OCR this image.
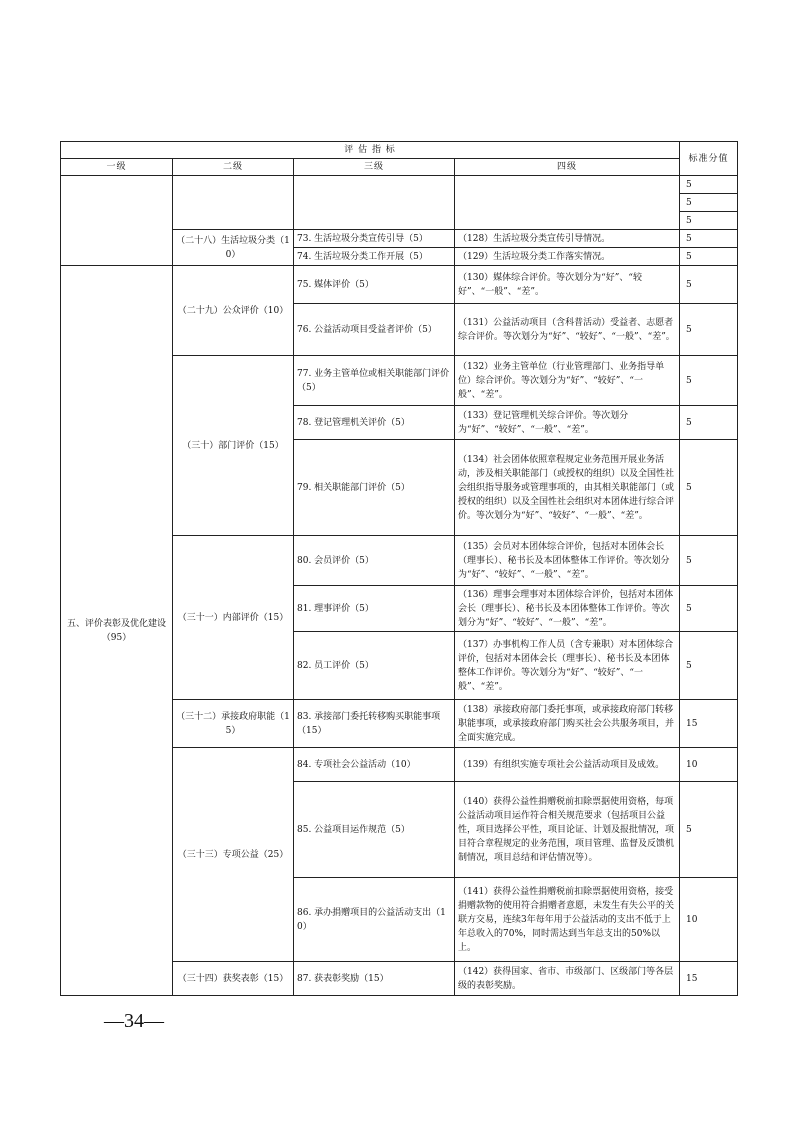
评 估 指 标				标准分值
一级	二级	三级	四级	
				5
				5
				5
	（二十八）生活垃圾分类（10）	73. 生活垃圾分类宣传引导（5）	（128）生活垃圾分类宣传引导情况。	5
		74. 生活垃圾分类工作开展（5）	（129）生活垃圾分类工作落实情况。	5
五、评价表彰及优化建设（95）	（二十九）公众评价（10）	75. 媒体评价（5）	（130）媒体综合评价。等次划分为“好”、“较好”、“一般”、“差”。	5
		76. 公益活动项目受益者评价（5）	（131）公益活动项目（含科普活动）受益者、志愿者综合评价。等次划分为“好”、“较好”、“一般”、“差”。	5
	（三十）部门评价（15）	77. 业务主管单位或相关职能部门评价（5）	（132）业务主管单位（行业管理部门、业务指导单位）综合评价。等次划分为“好”、“较好”、“一般”、“差”。	5
		78. 登记管理机关评价（5）	（133）登记管理机关综合评价。等次划分为“好”、“较好”、“一般”、“差”。	5
		79. 相关职能部门评价（5）	（134）社会团体依照章程规定业务范围开展业务活动，涉及相关职能部门（或授权的组织）以及全国性社会组织指导服务或管理事项的，由其相关职能部门（或授权的组织）以及全国性社会组织对本团体进行综合评价。等次划分为“好”、“较好”、“一般”、“差”。	5
	（三十一）内部评价（15）	80. 会员评价（5）	（135）会员对本团体综合评价，包括对本团体会长（理事长）、秘书长及本团体整体工作评价。等次划分为“好”、“较好”、“一般”、“差”。	5
		81. 理事评价（5）	（136）理事会理事对本团体综合评价，包括对本团体会长（理事长）、秘书长及本团体整体工作评价。等次划分为“好”、“较好”、“一般”、“差”。	5
		82. 员工评价（5）	（137）办事机构工作人员（含专兼职）对本团体综合评价，包括对本团体会长（理事长）、秘书长及本团体整体工作评价。等次划分为“好”、“较好”、“一般”、“差”。	5
	（三十二）承接政府职能（15）	83. 承接部门委托转移购买职能事项（15）	（138）承接政府部门委托事项，或承接政府部门转移职能事项，或承接政府部门购买社会公共服务项目，并全面实施完成。	15
	（三十三）专项公益（25）	84. 专项社会公益活动（10）	（139）有组织实施专项社会公益活动项目及成效。	10
		85. 公益项目运作规范（5）	（140）获得公益性捐赠税前扣除票据使用资格，每项公益活动项目运作符合相关规范要求（包括项目公益性，项目选择公平性，项目论证、计划及报批情况，项目符合章程规定的业务范围，项目管理、监督及反馈机制情况，项目总结和评估情况等）。	5
		86. 承办捐赠项目的公益活动支出（10）	（141）获得公益性捐赠税前扣除票据使用资格，接受捐赠款物的使用符合捐赠者意愿，未发生有失公平的关联方交易，连续3年每年用于公益活动的支出不低于上年总收入的70%，同时需达到当年总支出的50%以上。	10
	（三十四）获奖表彰（15）	87. 获表彰奖励（15）	（142）获得国家、省市、市级部门、区级部门等各层级的表彰奖励。	15
—34—
